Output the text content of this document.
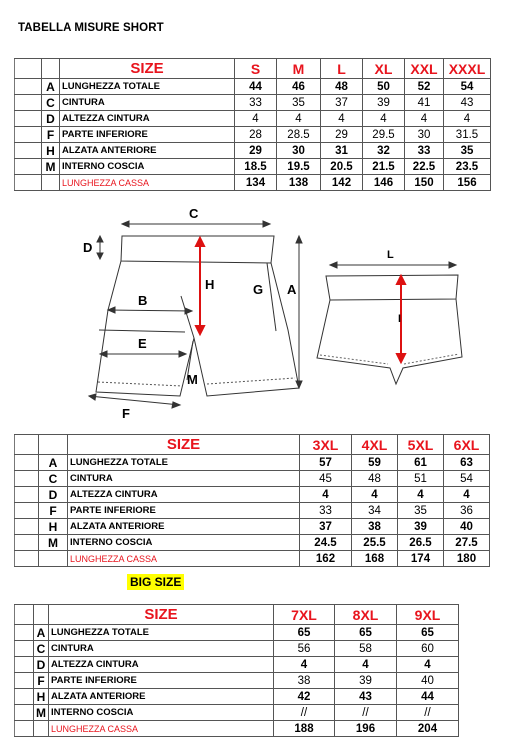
TABELLA MISURE SHORT
		SIZE	S	M	L	XL	XXL	XXXL
	A	LUNGHEZZA TOTALE	44	46	48	50	52	54
	C	CINTURA	33	35	37	39	41	43
	D	ALTEZZA CINTURA	4	4	4	4	4	4
	F	PARTE INFERIORE	28	28.5	29	29.5	30	31.5
	H	ALZATA ANTERIORE	29	30	31	32	33	35
	M	INTERNO COSCIA	18.5	19.5	20.5	21.5	22.5	23.5
		LUNGHEZZA CASSA	134	138	142	146	150	156
C
D
A
H	G
B
E
M
F
L
I
		SIZE	3XL	4XL	5XL	6XL
	A	LUNGHEZZA TOTALE	57	59	61	63
	C	CINTURA	45	48	51	54
	D	ALTEZZA CINTURA	4	4	4	4
	F	PARTE INFERIORE	33	34	35	36
	H	ALZATA ANTERIORE	37	38	39	40
	M	INTERNO COSCIA	24.5	25.5	26.5	27.5
		LUNGHEZZA CASSA	162	168	174	180
BIG SIZE
		SIZE	7XL	8XL	9XL
	A	LUNGHEZZA TOTALE	65	65	65
	C	CINTURA	56	58	60
	D	ALTEZZA CINTURA	4	4	4
	F	PARTE INFERIORE	38	39	40
	H	ALZATA ANTERIORE	42	43	44
	M	INTERNO COSCIA	//	//	//
		LUNGHEZZA CASSA	188	196	204
